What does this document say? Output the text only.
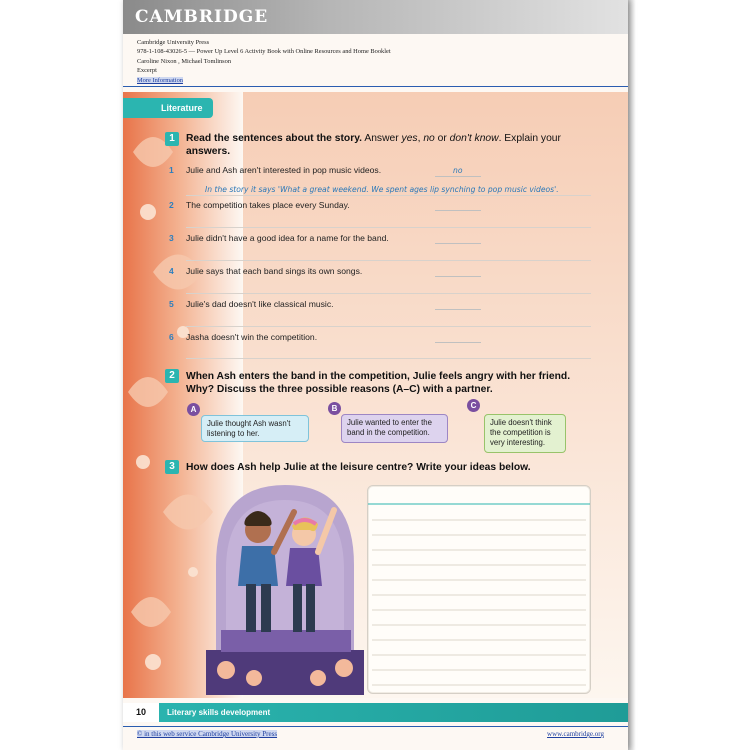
CAMBRIDGE
Cambridge University Press
978-1-108-43026-5 — Power Up Level 6 Activity Book with Online Resources and Home Booklet
Caroline Nixon , Michael Tomlinson
Excerpt
More Information
Literature
1	Read the sentences about the story. Answer yes, no or don't know. Explain your
answers.
1 Julie and Ash aren't interested in pop music videos.	no
In the story it says 'What a great weekend. We spent ages lip synching to pop music videos'.
2 The competition takes place every Sunday.
3 Julie didn't have a good idea for a name for the band.
4 Julie says that each band sings its own songs.
5 Julie's dad doesn't like classical music.
6 Jasha doesn't win the competition.
2	When Ash enters the band in the competition, Julie feels angry with her friend.
Why? Discuss the three possible reasons (A–C) with a partner.
A
Julie thought Ash wasn't
listening to her.
B
Julie wanted to enter the
band in the competition.
C
Julie doesn't think
the competition is
very interesting.
3	How does Ash help Julie at the leisure centre? Write your ideas below.
10	Literary skills development
© in this web service Cambridge University Press	www.cambridge.org
